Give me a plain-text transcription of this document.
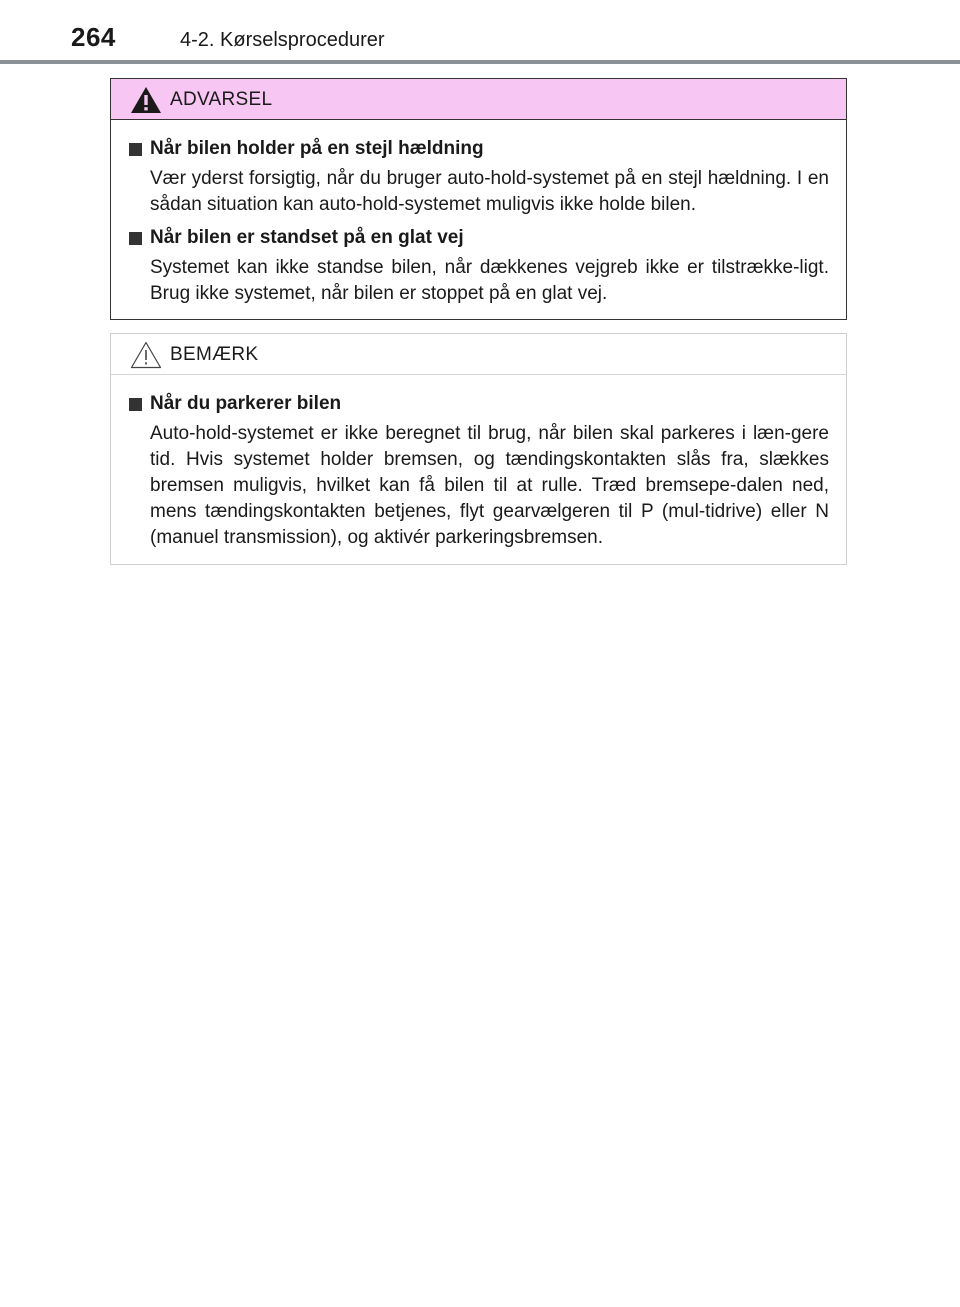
264	4-2. Kørselsprocedurer
ADVARSEL
Når bilen holder på en stejl hældning
Vær yderst forsigtig, når du bruger auto-hold-systemet på en stejl hældning. I en sådan situation kan auto-hold-systemet muligvis ikke holde bilen.
Når bilen er standset på en glat vej
Systemet kan ikke standse bilen, når dækkenes vejgreb ikke er tilstrække-ligt. Brug ikke systemet, når bilen er stoppet på en glat vej.
BEMÆRK
Når du parkerer bilen
Auto-hold-systemet er ikke beregnet til brug, når bilen skal parkeres i læn-gere tid. Hvis systemet holder bremsen, og tændingskontakten slås fra, slækkes bremsen muligvis, hvilket kan få bilen til at rulle. Træd bremsepe-dalen ned, mens tændingskontakten betjenes, flyt gearvælgeren til P (mul-tidrive) eller N (manuel transmission), og aktivér parkeringsbremsen.
